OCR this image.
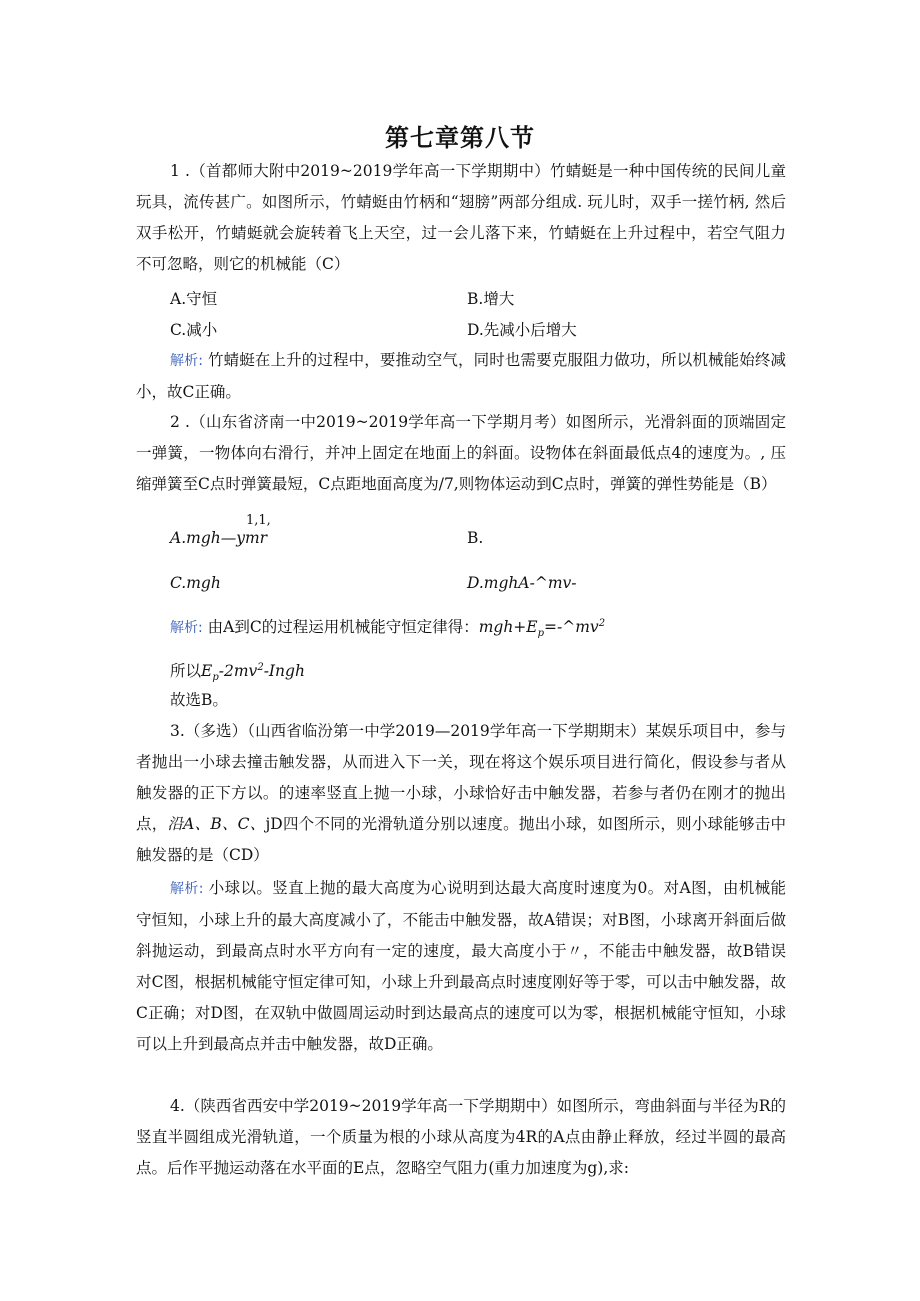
第七章第八节

1 .（首都师大附中2019~2019学年高一下学期期中）竹蜻蜓是一种中国传统的民间儿童玩具，流传甚广。如图所示，竹蜻蜓由竹柄和“翅膀”两部分组成. 玩儿时，双手一搓竹柄, 然后双手松开，竹蜻蜓就会旋转着飞上天空，过一会儿落下来，竹蜻蜓在上升过程中，若空气阻力不可忽略，则它的机械能（C）

A.守恒	B.增大
C.减小	D.先减小后增大

解析: 竹蜻蜓在上升的过程中，要推动空气，同时也需要克服阻力做功，所以机械能始终减小，故C正确。

2 .（山东省济南一中2019~2019学年高一下学期月考）如图所示，光滑斜面的顶端固定一弹簧，一物体向右滑行，并冲上固定在地面上的斜面。设物体在斜面最低点4的速度为。, 压缩弹簧至C点时弹簧最短，C点距地面高度为/7,则物体运动到C点时，弹簧的弹性势能是（B）

1,1,
A.mgh—ymr	B.
C.mgh	D.mghA-^mv-
解析: 由A到C的过程运用机械能守恒定律得：$mgh+E_p=-\^{}mv^2$
所以$E_p-2mv^2$-Ingh
故选B。

3.（多选）（山西省临汾第一中学2019—2019学年高一下学期期末）某娱乐项目中，参与者抛出一小球去撞击触发器，从而进入下一关，现在将这个娱乐项目进行简化，假设参与者从触发器的正下方以。的速率竖直上抛一小球，小球恰好击中触发器，若参与者仍在刚才的抛出点，沿A、B、C、jD四个不同的光滑轨道分别以速度。抛出小球，如图所示，则小球能够击中触发器的是（CD）

解析: 小球以。竖直上抛的最大高度为心说明到达最大高度时速度为0。对A图，由机械能守恒知，小球上升的最大高度减小了，不能击中触发器，故A错误；对B图，小球离开斜面后做斜抛运动，到最高点时水平方向有一定的速度，最大高度小于〃，不能击中触发器，故B错误 对C图，根据机械能守恒定律可知，小球上升到最高点时速度刚好等于零，可以击中触发器，故C正确；对D图，在双轨中做圆周运动时到达最高点的速度可以为零，根据机械能守恒知，小球可以上升到最高点并击中触发器，故D正确。

4.（陕西省西安中学2019~2019学年高一下学期期中）如图所示，弯曲斜面与半径为R的竖直半圆组成光滑轨道，一个质量为根的小球从高度为4R的A点由静止释放，经过半圆的最高点。后作平抛运动落在水平面的E点，忽略空气阻力(重力加速度为g),求:
